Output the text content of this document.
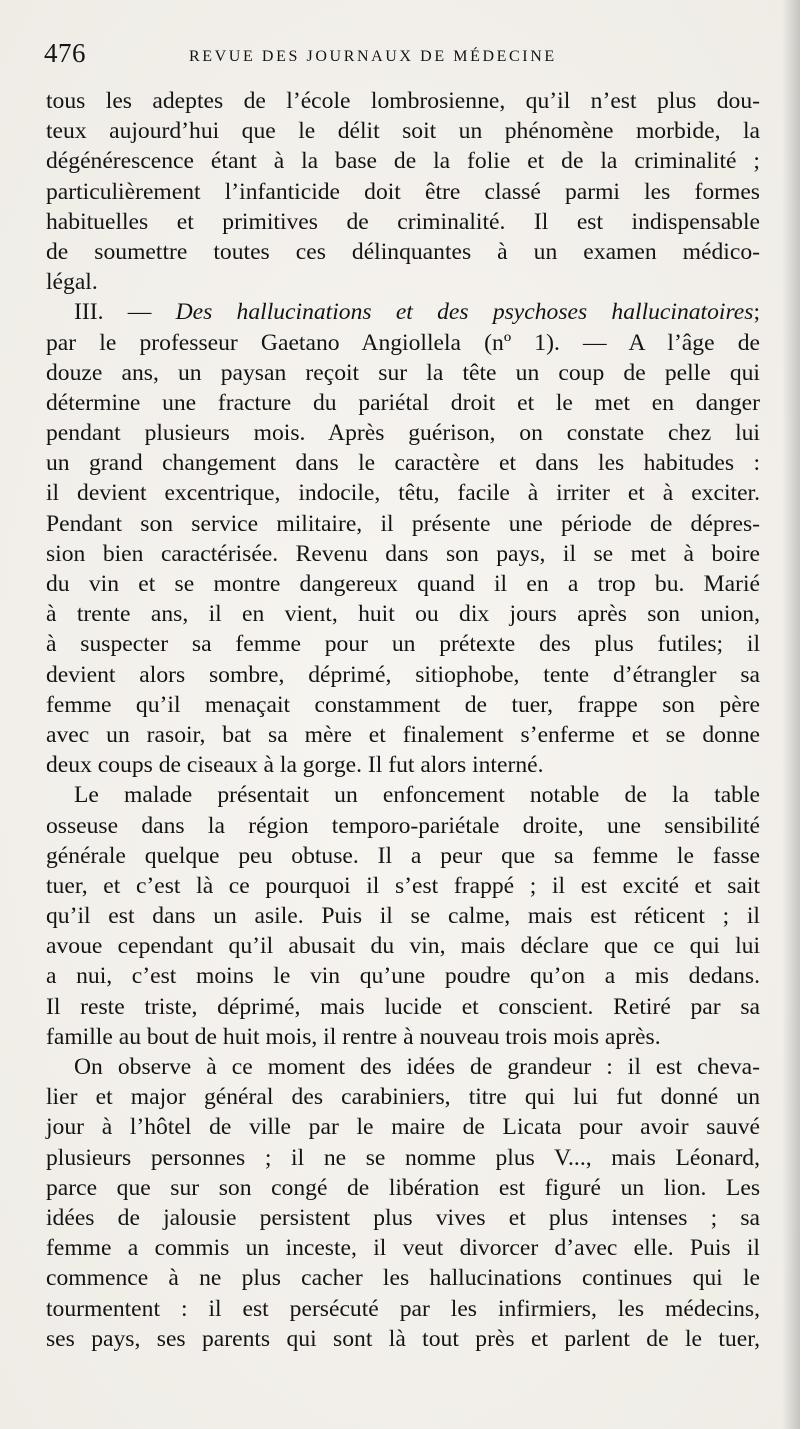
476	REVUE DES JOURNAUX DE MÉDECINE
tous les adeptes de l’école lombrosienne, qu’il n’est plus dou-
teux aujourd’hui que le délit soit un phénomène morbide, la
dégénérescence étant à la base de la folie et de la criminalité ;
particulièrement l’infanticide doit être classé parmi les formes
habituelles et primitives de criminalité. Il est indispensable
de soumettre toutes ces délinquantes à un examen médico-
légal.
III. — Des hallucinations et des psychoses hallucinatoires;
par le professeur Gaetano Angiollela (nº 1). — A l’âge de
douze ans, un paysan reçoit sur la tête un coup de pelle qui
détermine une fracture du pariétal droit et le met en danger
pendant plusieurs mois. Après guérison, on constate chez lui
un grand changement dans le caractère et dans les habitudes :
il devient excentrique, indocile, têtu, facile à irriter et à exciter.
Pendant son service militaire, il présente une période de dépres-
sion bien caractérisée. Revenu dans son pays, il se met à boire
du vin et se montre dangereux quand il en a trop bu. Marié
à trente ans, il en vient, huit ou dix jours après son union,
à suspecter sa femme pour un prétexte des plus futiles; il
devient alors sombre, déprimé, sitiophobe, tente d’étrangler sa
femme qu’il menaçait constamment de tuer, frappe son père
avec un rasoir, bat sa mère et finalement s’enferme et se donne
deux coups de ciseaux à la gorge. Il fut alors interné.
Le malade présentait un enfoncement notable de la table
osseuse dans la région temporo-pariétale droite, une sensibilité
générale quelque peu obtuse. Il a peur que sa femme le fasse
tuer, et c’est là ce pourquoi il s’est frappé ; il est excité et sait
qu’il est dans un asile. Puis il se calme, mais est réticent ; il
avoue cependant qu’il abusait du vin, mais déclare que ce qui lui
a nui, c’est moins le vin qu’une poudre qu’on a mis dedans.
Il reste triste, déprimé, mais lucide et conscient. Retiré par sa
famille au bout de huit mois, il rentre à nouveau trois mois après.
On observe à ce moment des idées de grandeur : il est cheva-
lier et major général des carabiniers, titre qui lui fut donné un
jour à l’hôtel de ville par le maire de Licata pour avoir sauvé
plusieurs personnes ; il ne se nomme plus V..., mais Léonard,
parce que sur son congé de libération est figuré un lion. Les
idées de jalousie persistent plus vives et plus intenses ; sa
femme a commis un inceste, il veut divorcer d’avec elle. Puis il
commence à ne plus cacher les hallucinations continues qui le
tourmentent : il est persécuté par les infirmiers, les médecins,
ses pays, ses parents qui sont là tout près et parlent de le tuer,
